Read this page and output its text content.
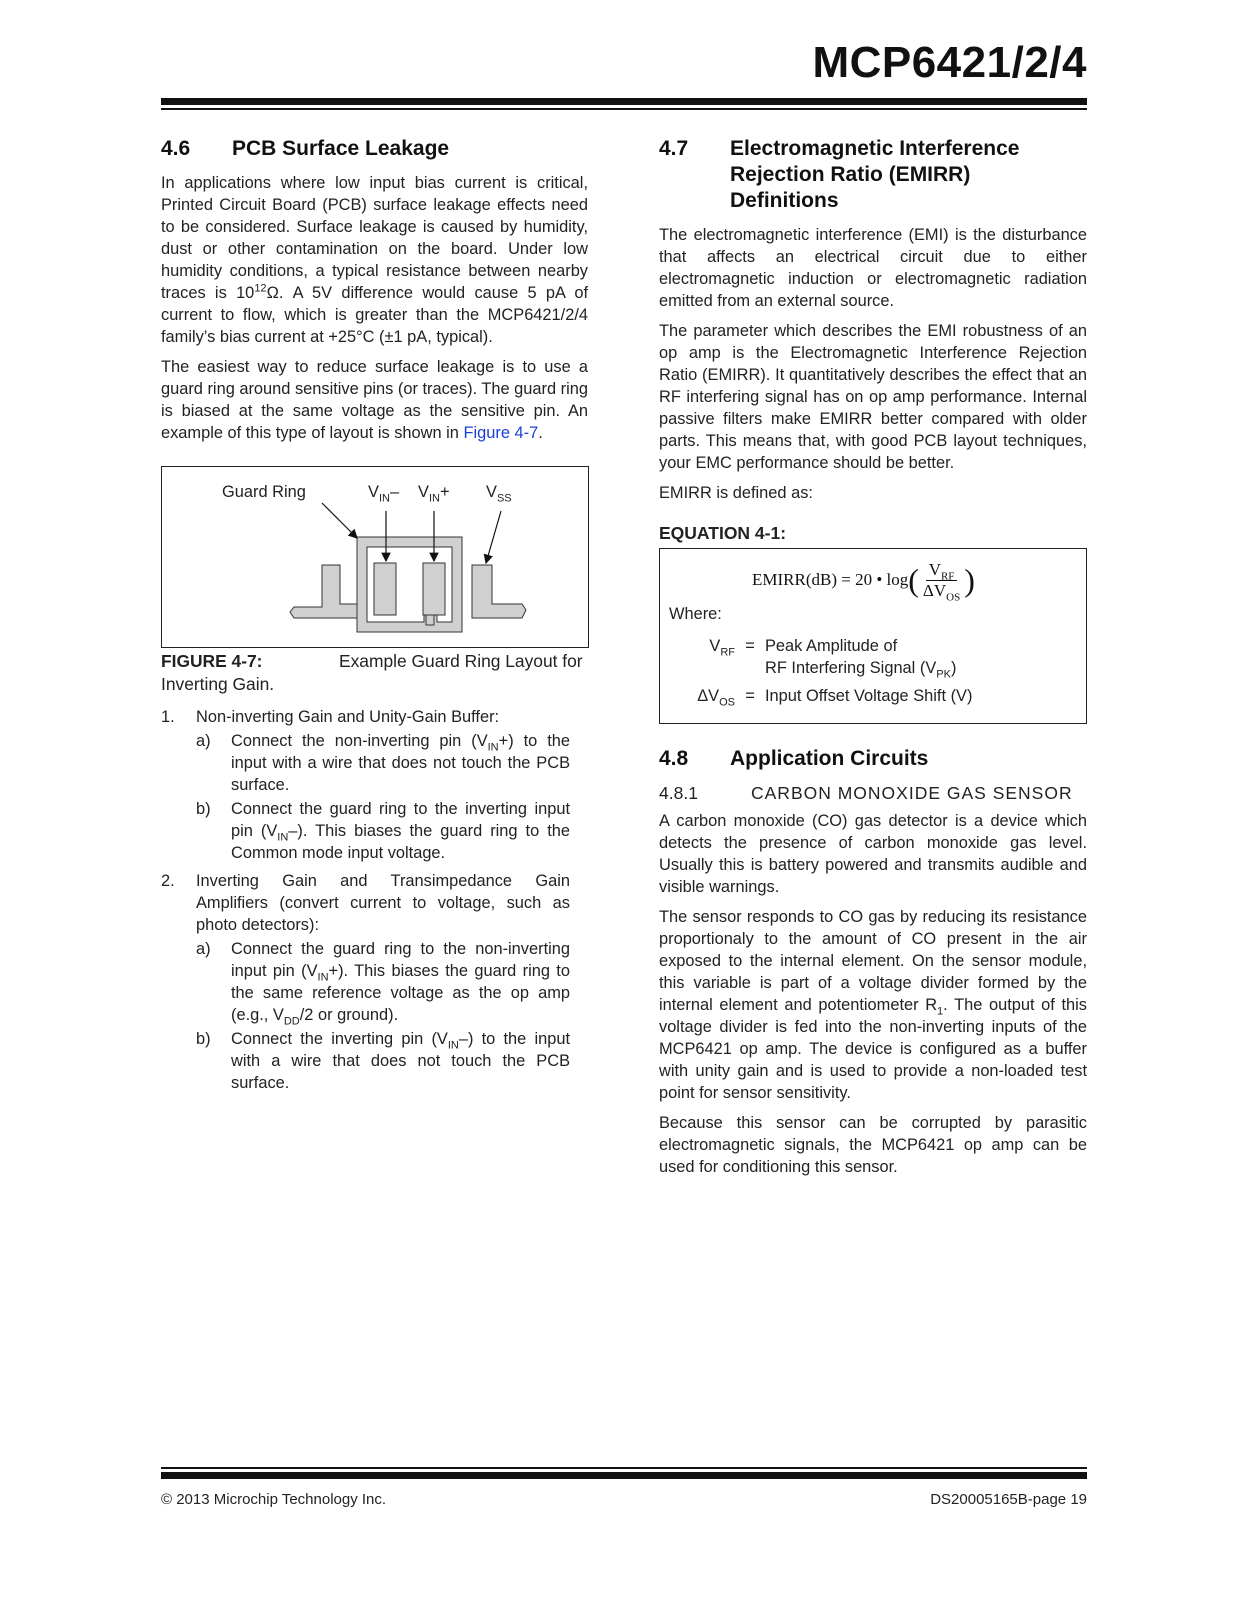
MCP6421/2/4
4.6	PCB Surface Leakage

In applications where low input bias current is critical, Printed Circuit Board (PCB) surface leakage effects need to be considered. Surface leakage is caused by humidity, dust or other contamination on the board. Under low humidity conditions, a typical resistance between nearby traces is $10^{12}\Omega$. A 5V difference would cause 5 pA of current to flow, which is greater than the MCP6421/2/4 family’s bias current at +25°C (±1 pA, typical).

The easiest way to reduce surface leakage is to use a guard ring around sensitive pins (or traces). The guard ring is biased at the same voltage as the sensitive pin. An example of this type of layout is shown in Figure 4-7.

Guard Ring	$V_{IN}-$ $V_{IN}+ V_{SS}$
FIGURE 4-7:	Example Guard Ring Layout for Inverting Gain.
1.	Non-inverting Gain and Unity-Gain Buffer:
a)	Connect the non-inverting pin $(V_{IN}+)$ to the input with a wire that does not touch the PCB surface.
b)	Connect the guard ring to the inverting input pin $(V_{IN}-)$. This biases the guard ring to the Common mode input voltage.
2.	Inverting Gain and Transimpedance Gain Amplifiers (convert current to voltage, such as photo detectors):
a)	Connect the guard ring to the non-inverting input pin $(V_{IN}+)$. This biases the guard ring to the same reference voltage as the op amp (e.g., $V_{DD}/2$ or ground).
b)	Connect the inverting pin $(V_{IN}-)$ to the input with a wire that does not touch the PCB surface.
4.7	Electromagnetic Interference
Rejection Ratio (EMIRR)
Definitions

The electromagnetic interference (EMI) is the disturbance that affects an electrical circuit due to either electromagnetic induction or electromagnetic radiation emitted from an external source.

The parameter which describes the EMI robustness of an op amp is the Electromagnetic Interference Rejection Ratio (EMIRR). It quantitatively describes the effect that an RF interfering signal has on op amp performance. Internal passive filters make EMIRR better compared with older parts. This means that, with good PCB layout techniques, your EMC performance should be better.

EMIRR is defined as:

EQUATION 4-1:
EMIRR(dB) = 20 • log ( $\frac{V_{RF}}{\Delta V_{OS}}$ )
Where:
$V_{RF}$ = Peak Amplitude of
RF Interfering Signal $(V_{PK})$
$\Delta V_{OS}$ = Input Offset Voltage Shift (V)
4.8	Application Circuits
4.8.1	CARBON MONOXIDE GAS SENSOR

A carbon monoxide (CO) gas detector is a device which detects the presence of carbon monoxide gas level. Usually this is battery powered and transmits audible and visible warnings.

The sensor responds to CO gas by reducing its resistance proportionaly to the amount of CO present in the air exposed to the internal element. On the sensor module, this variable is part of a voltage divider formed by the internal element and potentiometer $R_1$. The output of this voltage divider is fed into the non-inverting inputs of the MCP6421 op amp. The device is configured as a buffer with unity gain and is used to provide a non-loaded test point for sensor sensitivity.

Because this sensor can be corrupted by parasitic electromagnetic signals, the MCP6421 op amp can be used for conditioning this sensor.

© 2013 Microchip Technology Inc.	DS20005165B-page 19
